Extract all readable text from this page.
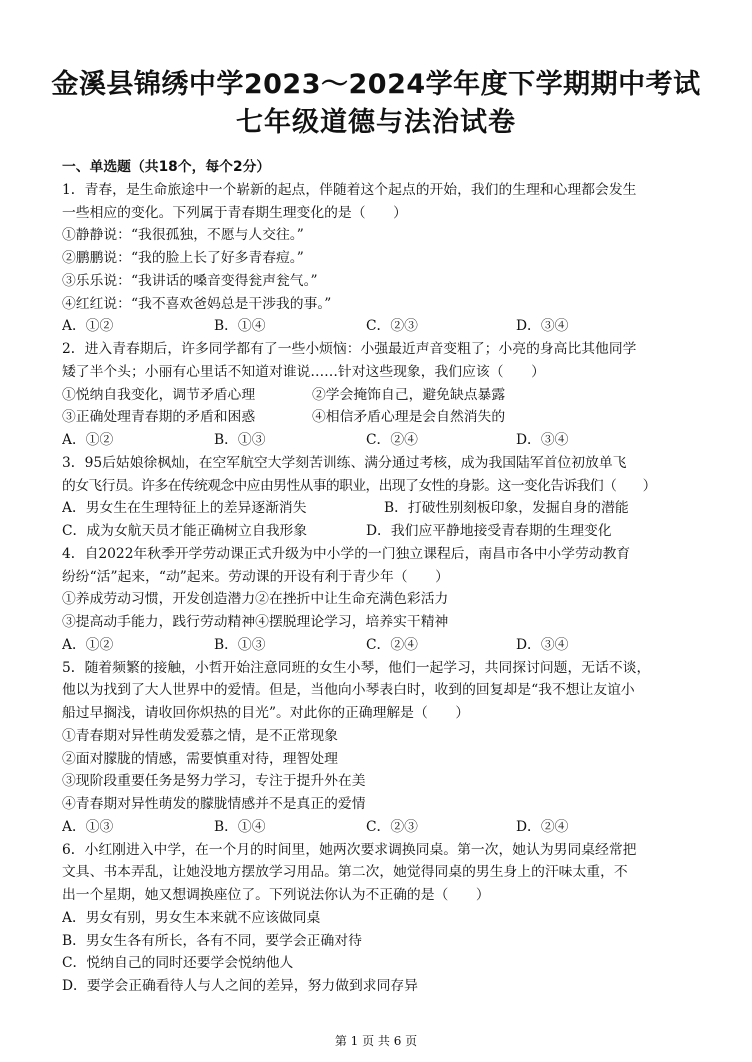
金溪县锦绣中学2023～2024学年度下学期期中考试
七年级道德与法治试卷
一、单选题（共18个，每个2分）
1．青春，是生命旅途中一个崭新的起点，伴随着这个起点的开始，我们的生理和心理都会发生
一些相应的变化。下列属于青春期生理变化的是（　　）
①静静说：“我很孤独，不愿与人交往。”
②鹏鹏说：“我的脸上长了好多青春痘。”
③乐乐说：“我讲话的嗓音变得瓮声瓮气。”
④红红说：“我不喜欢爸妈总是干涉我的事。”
A．①②	B．①④	C．②③	D．③④
2．进入青春期后，许多同学都有了一些小烦恼：小强最近声音变粗了；小亮的身高比其他同学
矮了半个头；小丽有心里话不知道对谁说……针对这些现象，我们应该（　　）
①悦纳自我变化，调节矛盾心理	②学会掩饰自己，避免缺点暴露
③正确处理青春期的矛盾和困惑	④相信矛盾心理是会自然消失的
A．①②	B．①③	C．②④	D．③④
3．95后姑娘徐枫灿，在空军航空大学刻苦训练、满分通过考核，成为我国陆军首位初放单飞
的女飞行员。许多在传统观念中应由男性从事的职业，出现了女性的身影。这一变化告诉我们（　　）
A．男女生在生理特征上的差异逐渐消失	B．打破性别刻板印象，发掘自身的潜能
C．成为女航天员才能正确树立自我形象	D．我们应平静地接受青春期的生理变化
4．自2022年秋季开学劳动课正式升级为中小学的一门独立课程后，南昌市各中小学劳动教育
纷纷“活”起来，“动”起来。劳动课的开设有利于青少年（　　）
①养成劳动习惯，开发创造潜力②在挫折中让生命充满色彩活力
③提高动手能力，践行劳动精神④摆脱理论学习，培养实干精神
A．①②	B．①③	C．②④	D．③④
5．随着频繁的接触，小哲开始注意同班的女生小琴，他们一起学习，共同探讨问题，无话不谈，
他以为找到了大人世界中的爱情。但是，当他向小琴表白时，收到的回复却是“我不想让友谊小
船过早搁浅，请收回你炽热的目光”。对此你的正确理解是（　　）
①青春期对异性萌发爱慕之情，是不正常现象
②面对朦胧的情感，需要慎重对待，理智处理
③现阶段重要任务是努力学习，专注于提升外在美
④青春期对异性萌发的朦胧情感并不是真正的爱情
A．①③	B．①④	C．②③	D．②④
6．小红刚进入中学，在一个月的时间里，她两次要求调换同桌。第一次，她认为男同桌经常把
文具、书本弄乱，让她没地方摆放学习用品。第二次，她觉得同桌的男生身上的汗味太重，不
出一个星期，她又想调换座位了。下列说法你认为不正确的是（　　）
A．男女有别，男女生本来就不应该做同桌
B．男女生各有所长，各有不同，要学会正确对待
C．悦纳自己的同时还要学会悦纳他人
D．要学会正确看待人与人之间的差异，努力做到求同存异
第 1 页 共 6 页
